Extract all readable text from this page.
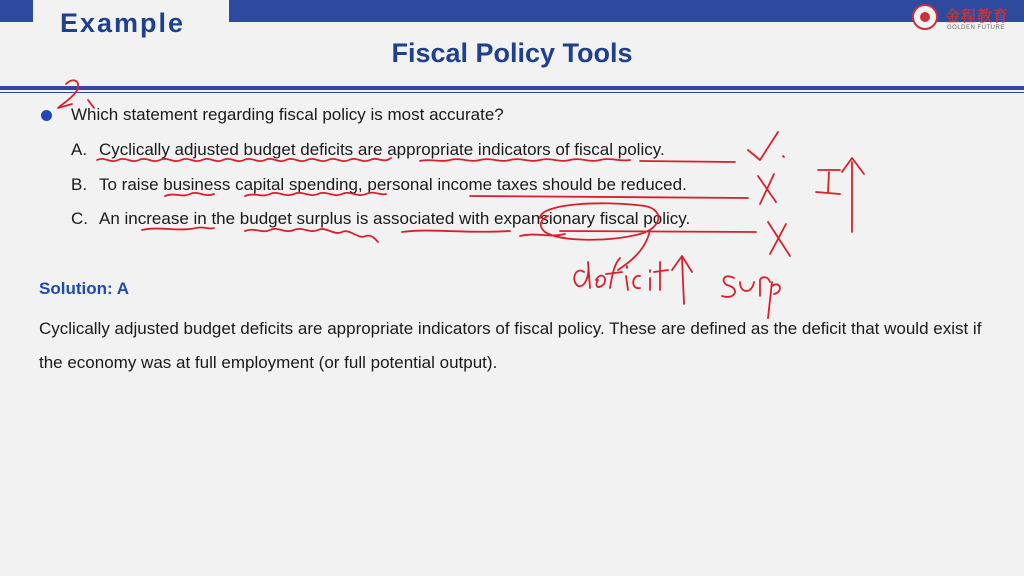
Example	金程教育
GOLDEN FUTURE
Fiscal Policy Tools
Which statement regarding fiscal policy is most accurate?
A. Cyclically adjusted budget deficits are appropriate indicators of fiscal policy.
B. To raise business capital spending, personal income taxes should be reduced.
C. An increase in the budget surplus is associated with expansionary fiscal policy.
Solution: A
Cyclically adjusted budget deficits are appropriate indicators of fiscal policy. These are defined as the deficit that would exist if the economy was at full employment (or full potential output).
